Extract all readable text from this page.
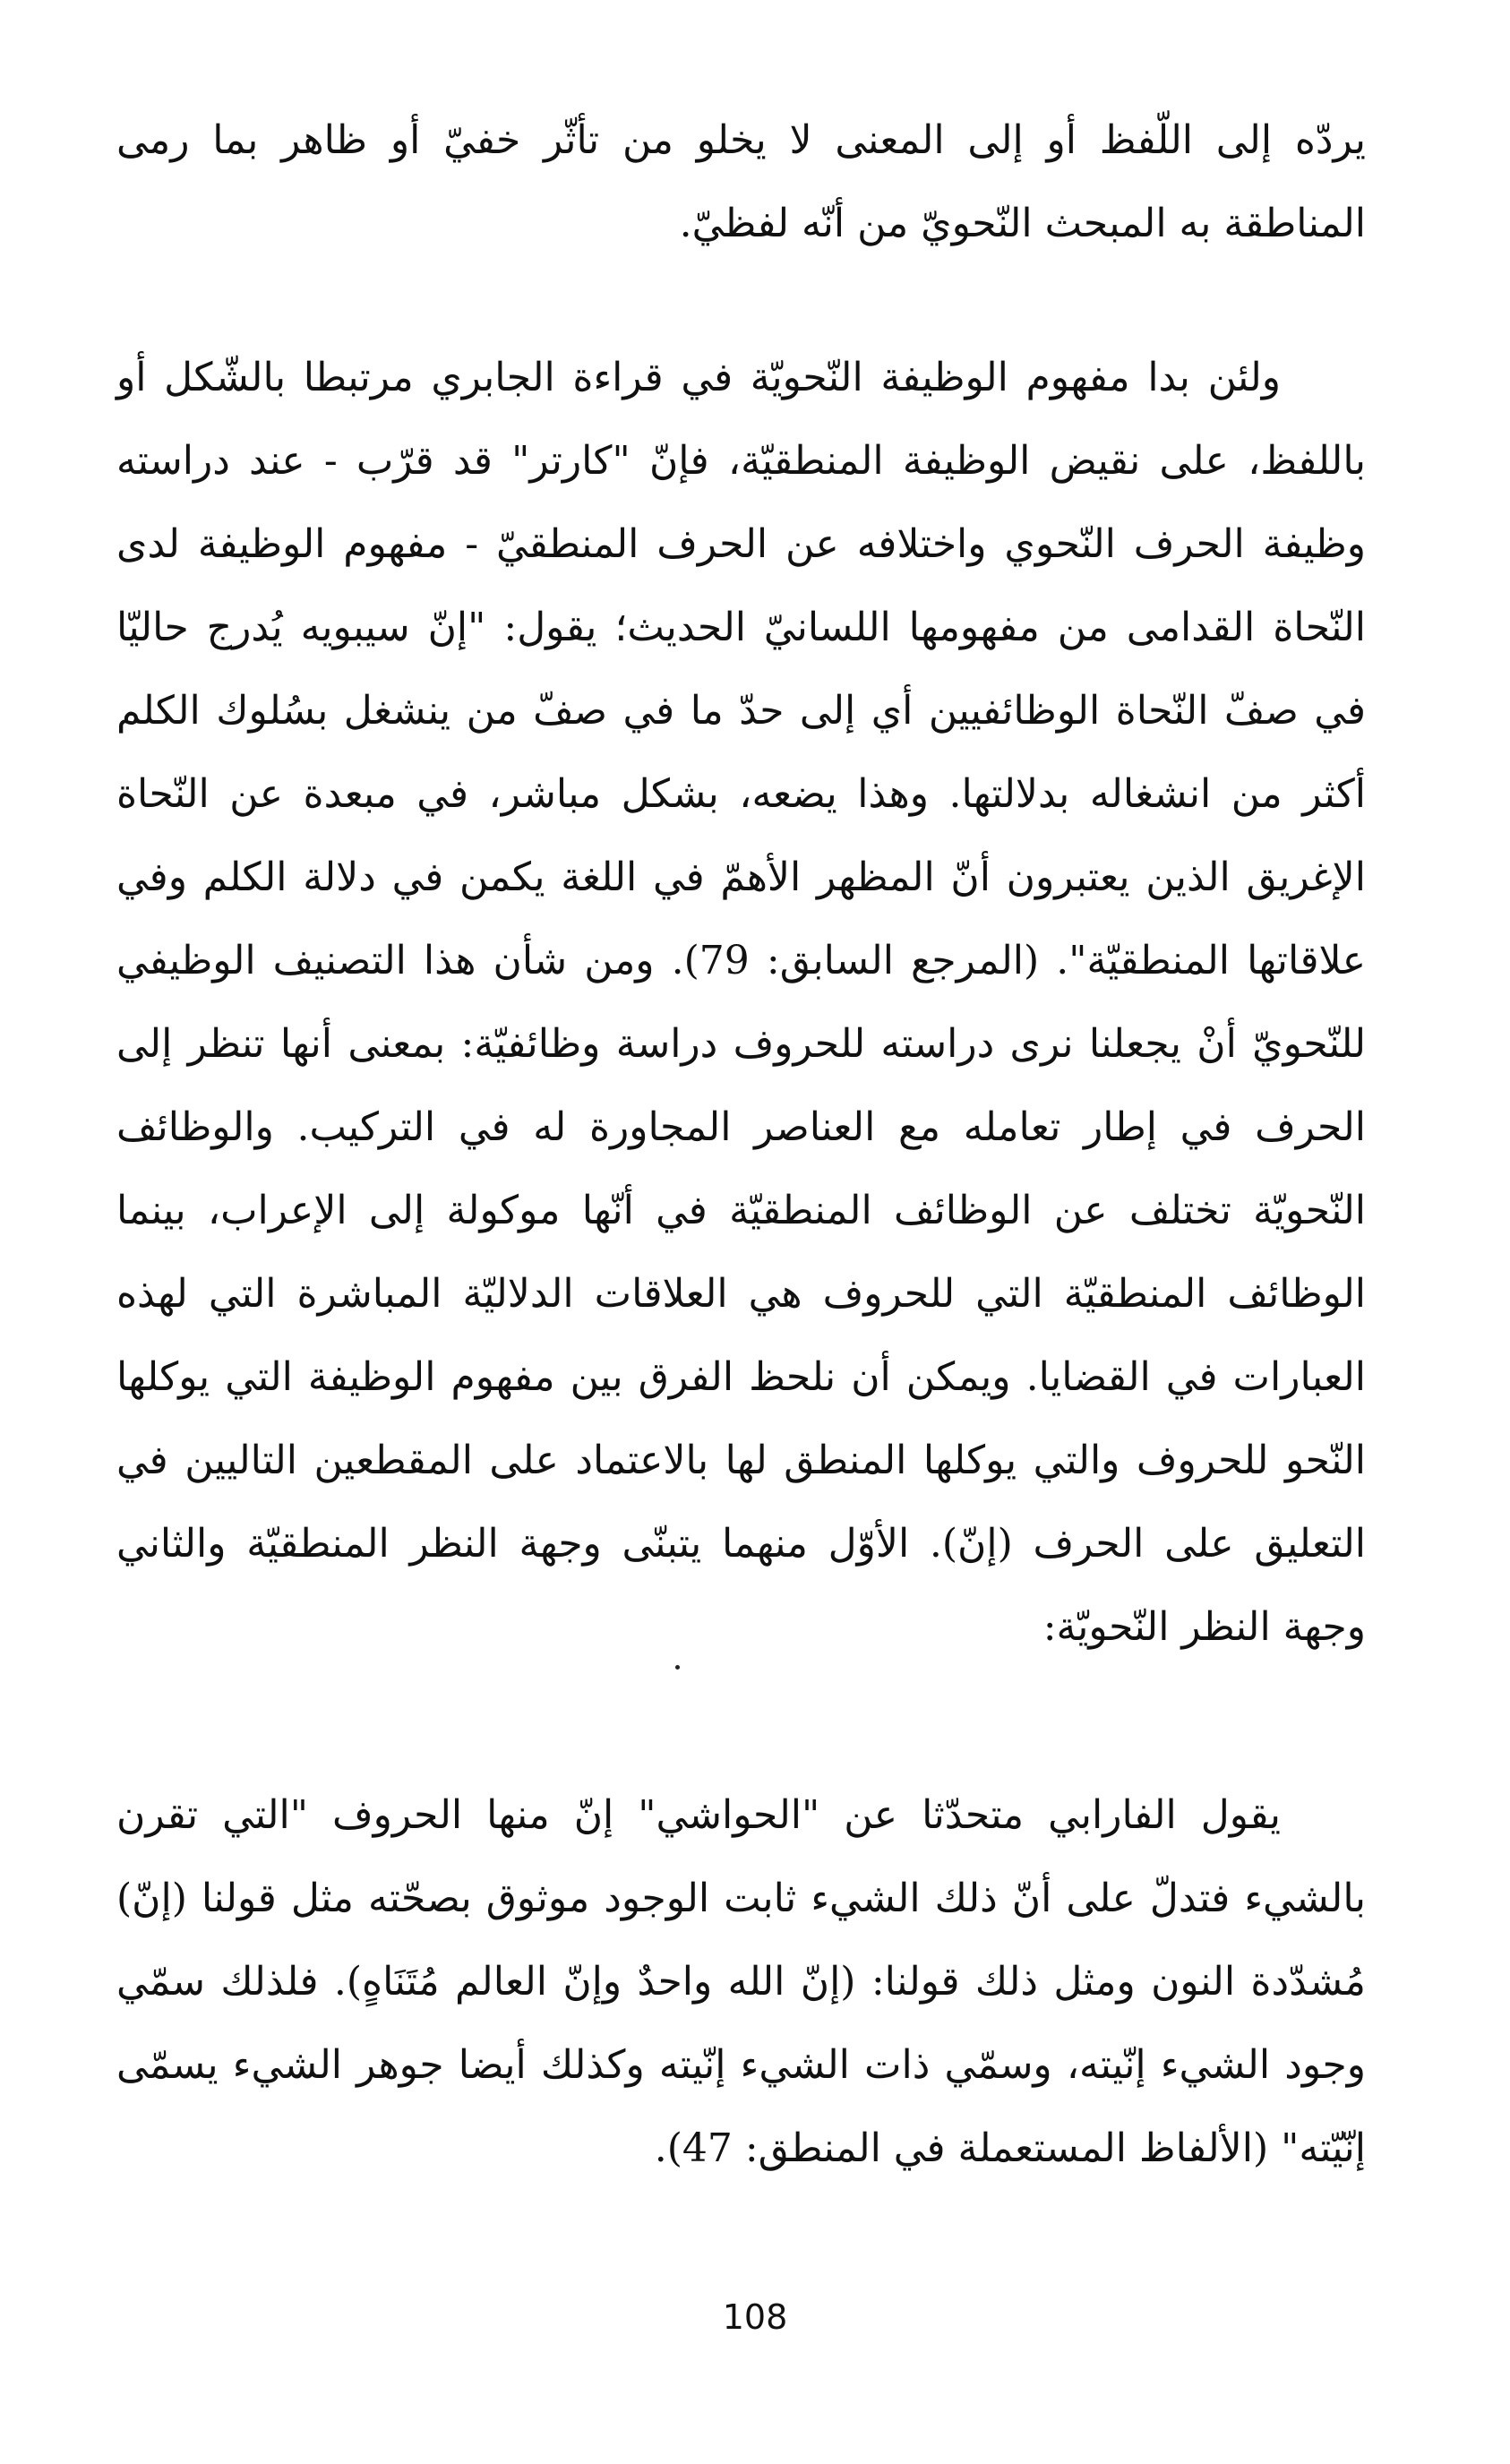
يردّه إلى اللّفظ أو إلى المعنى لا يخلو من تأثّر خفيّ أو ظاهر بما رمى المناطقة به المبحث النّحويّ من أنّه لفظيّ.

ولئن بدا مفهوم الوظيفة النّحويّة في قراءة الجابري مرتبطا بالشّكل أو باللفظ، على نقيض الوظيفة المنطقيّة، فإنّ "كارتر" قد قرّب - عند دراسته وظيفة الحرف النّحوي واختلافه عن الحرف المنطقيّ - مفهوم الوظيفة لدى النّحاة القدامى من مفهومها اللسانيّ الحديث؛ يقول: "إنّ سيبويه يُدرج حاليّا في صفّ النّحاة الوظائفيين أي إلى حدّ ما في صفّ من ينشغل بسُلوك الكلم أكثر من انشغاله بدلالتها. وهذا يضعه، بشكل مباشر، في مبعدة عن النّحاة الإغريق الذين يعتبرون أنّ المظهر الأهمّ في اللغة يكمن في دلالة الكلم وفي علاقاتها المنطقيّة". (المرجع السابق: 79). ومن شأن هذا التصنيف الوظيفي للنّحويّ أنْ يجعلنا نرى دراسته للحروف دراسة وظائفيّة: بمعنى أنها تنظر إلى الحرف في إطار تعامله مع العناصر المجاورة له في التركيب. والوظائف النّحويّة تختلف عن الوظائف المنطقيّة في أنّها موكولة إلى الإعراب، بينما الوظائف المنطقيّة التي للحروف هي العلاقات الدلاليّة المباشرة التي لهذه العبارات في القضايا. ويمكن أن نلحظ الفرق بين مفهوم الوظيفة التي يوكلها النّحو للحروف والتي يوكلها المنطق لها بالاعتماد على المقطعين التاليين في التعليق على الحرف (إنّ). الأوّل منهما يتبنّى وجهة النظر المنطقيّة والثاني وجهة النظر النّحويّة:

يقول الفارابي متحدّثا عن "الحواشي" إنّ منها الحروف "التي تقرن بالشيء فتدلّ على أنّ ذلك الشيء ثابت الوجود موثوق بصحّته مثل قولنا (إنّ) مُشدّدة النون ومثل ذلك قولنا: (إنّ الله واحدٌ وإنّ العالم مُتَنَاهٍ). فلذلك سمّي وجود الشيء إنّيته، وسمّي ذات الشيء إنّيته وكذلك أيضا جوهر الشيء يسمّى إنّيّته" (الألفاظ المستعملة في المنطق: 47).

108
